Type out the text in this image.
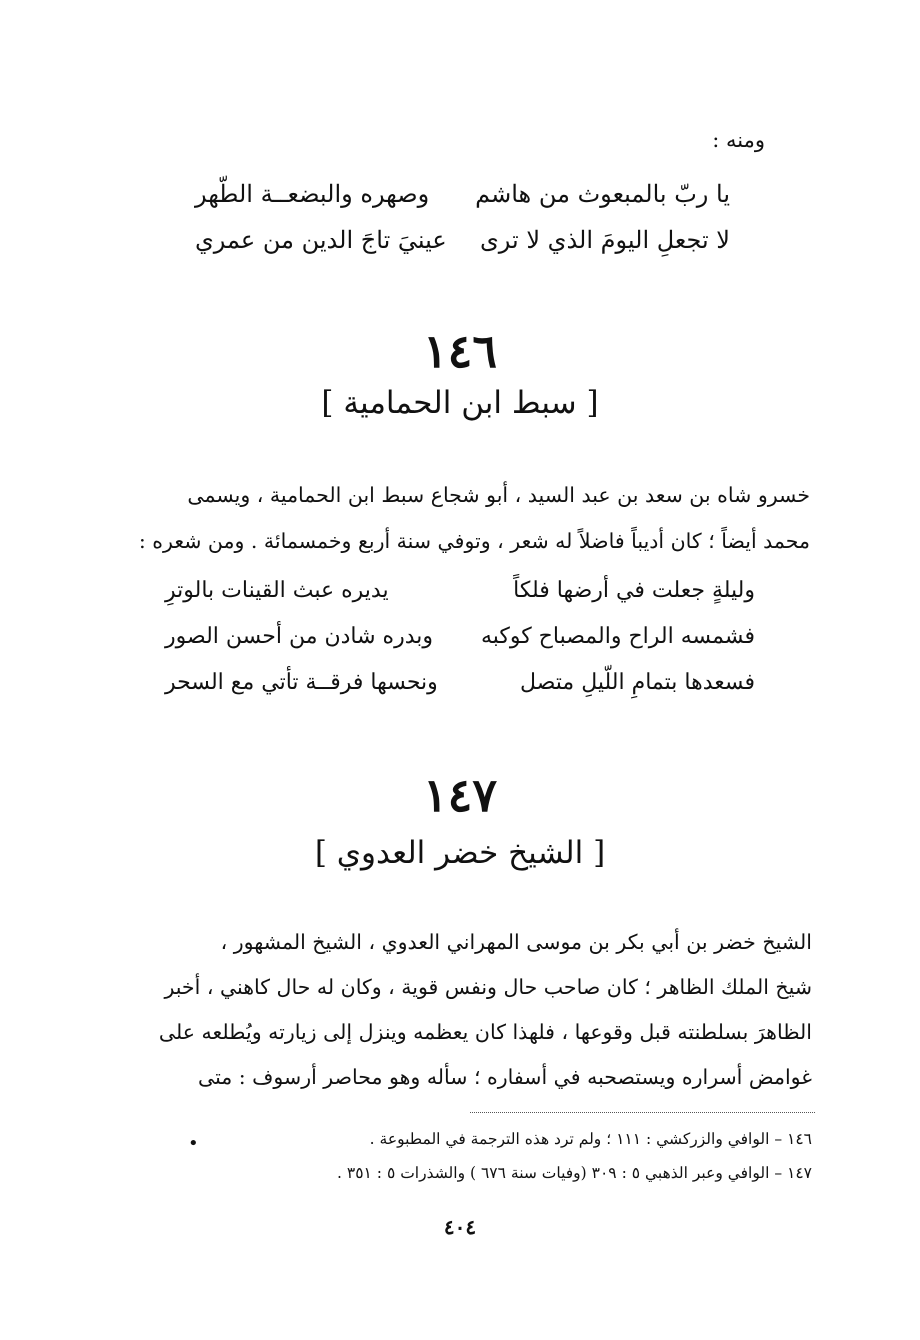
ومنه :
يا ربّ بالمبعوث من هاشم
وصهره والبضعــة الطّهر
لا تجعلِ اليومَ الذي لا ترى
عينيَ تاجَ الدين من عمري
١٤٦
[ سبط ابن الحمامية ]
خسرو شاه بن سعد بن عبد السيد ، أبو شجاع سبط ابن الحمامية ، ويسمى
محمد أيضاً ؛ كان أديباً فاضلاً له شعر ، وتوفي سنة أربع وخمسمائة . ومن شعره :
وليلةٍ جعلت في أرضها فلكاً
يديره عبث القينات بالوترِ
فشمسه الراح والمصباح كوكبه
وبدره شادن من أحسن الصور
فسعدها بتمامِ اللّيلِ متصل
ونحسها فرقــة تأتي مع السحر
١٤٧
[ الشيخ خضر العدوي ]
الشيخ خضر بن أبي بكر بن موسى المهراني العدوي ، الشيخ المشهور ،
شيخ الملك الظاهر ؛ كان صاحب حال ونفس قوية ، وكان له حال كاهني ، أخبر
الظاهرَ بسلطنته قبل وقوعها ، فلهذا كان يعظمه وينزل إلى زيارته ويُطلعه على
غوامض أسراره ويستصحبه في أسفاره ؛ سأله وهو محاصر أرسوف : متى
•	١٤٦ – الوافي والزركشي : ١١١ ؛ ولم ترد هذه الترجمة في المطبوعة .
١٤٧ – الوافي وعبر الذهبي ٥ : ٣٠٩ (وفيات سنة ٦٧٦ ) والشذرات ٥ : ٣٥١ .
٤٠٤
